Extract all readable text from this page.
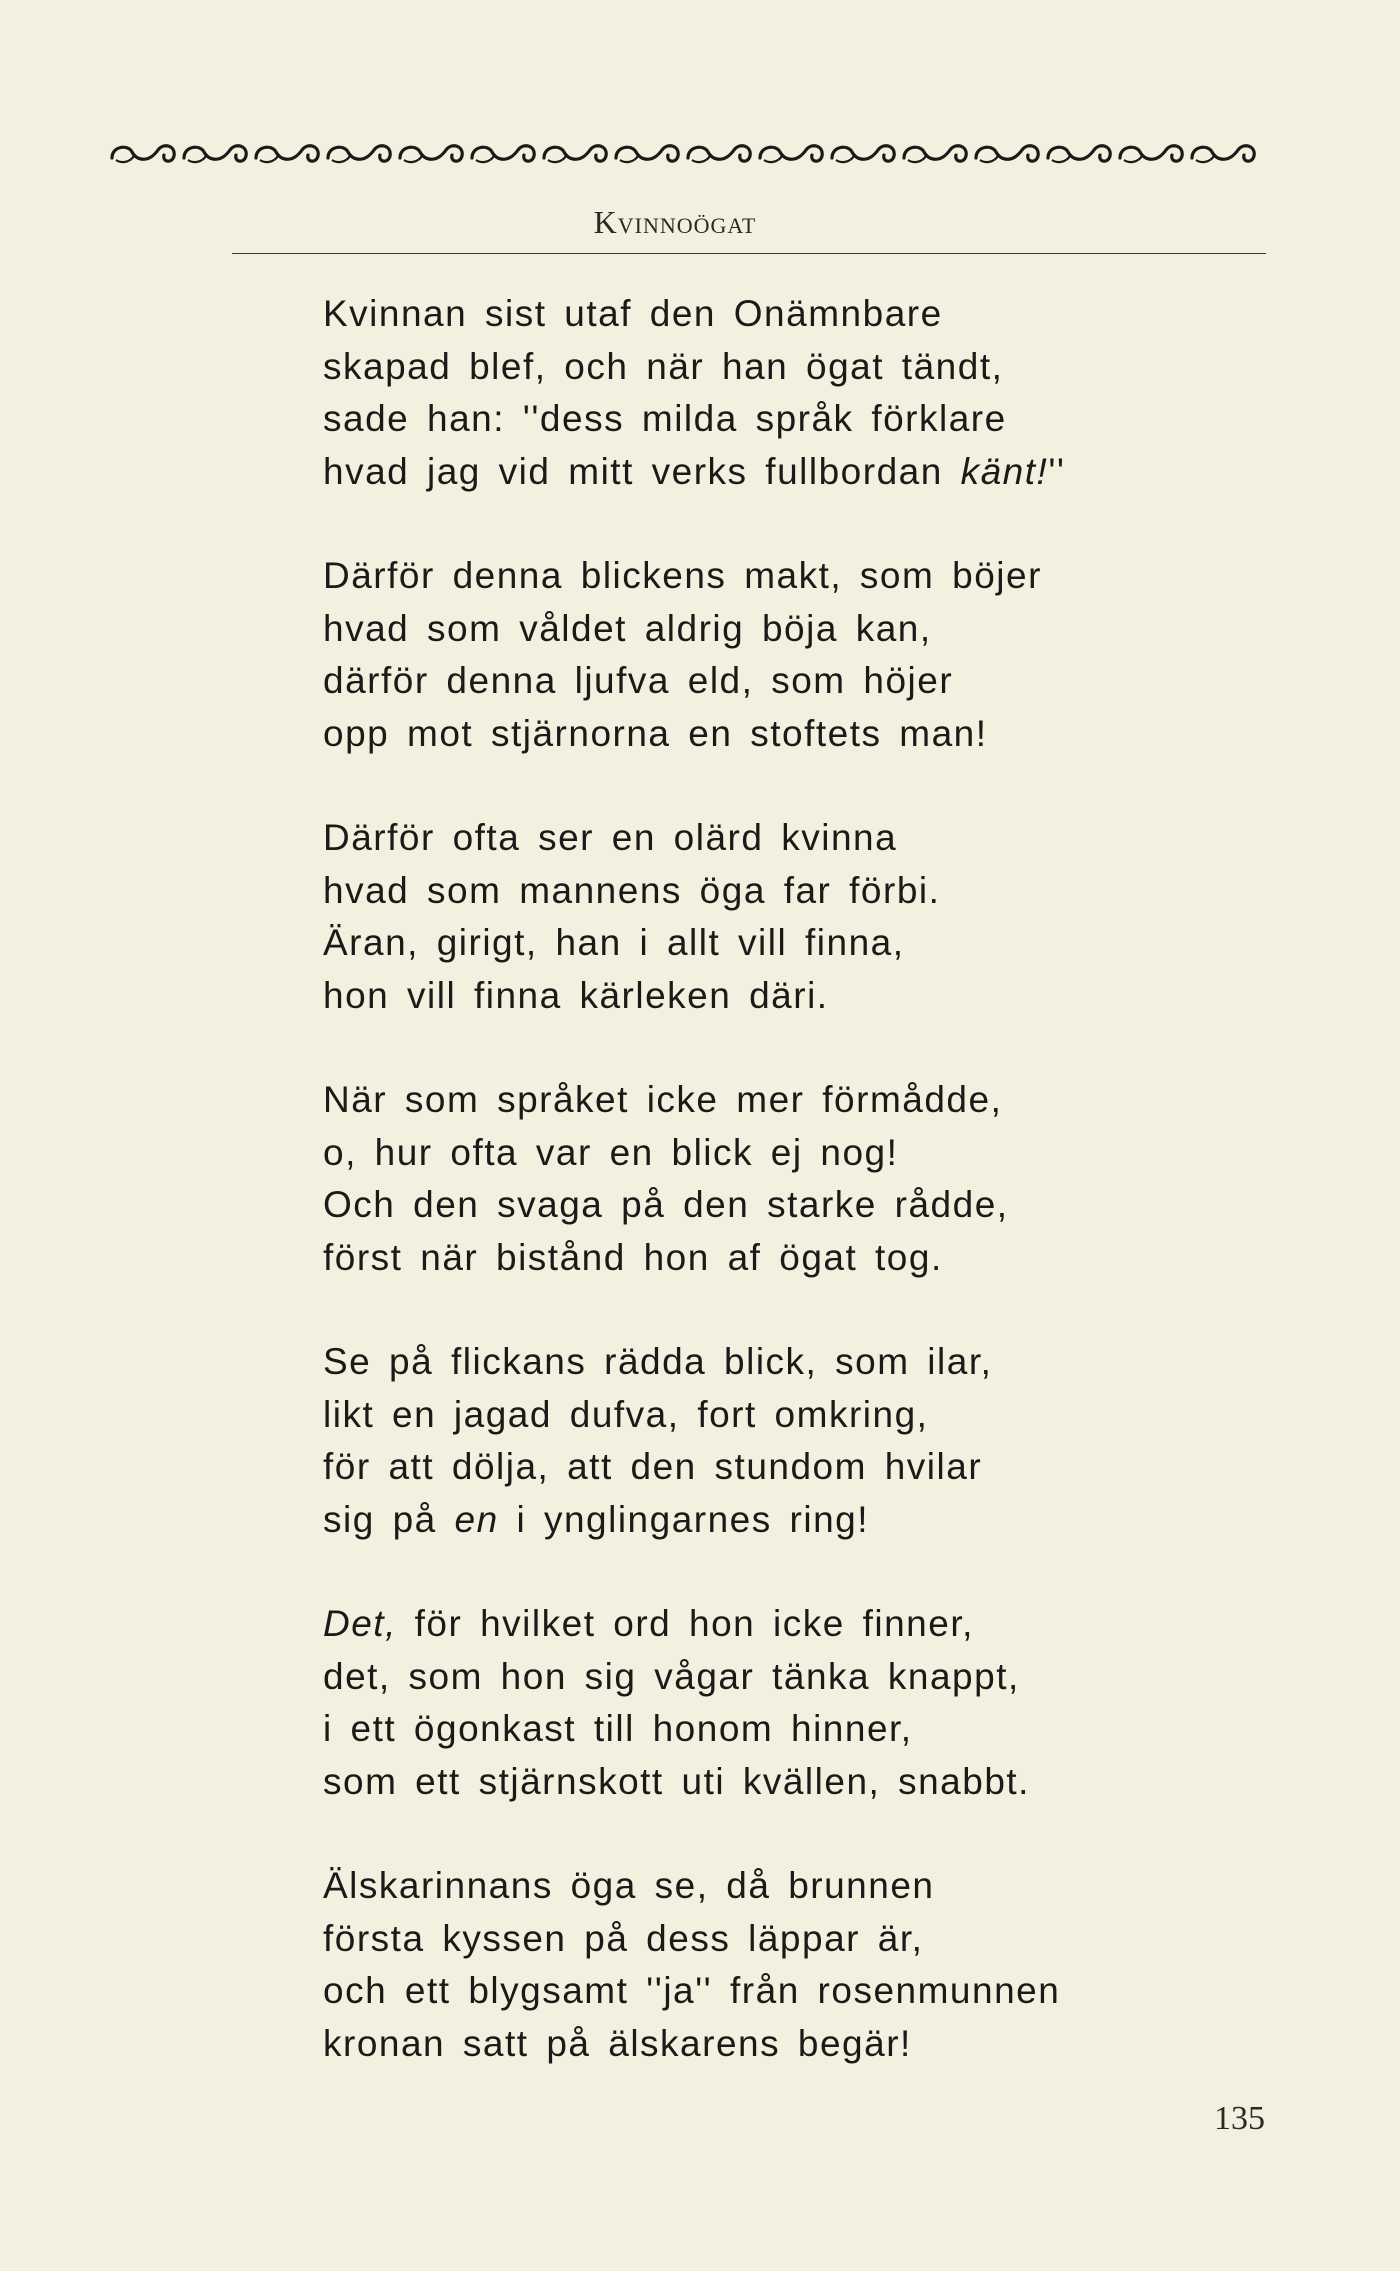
Kvinnoögat
Kvinnan sist utaf den Onämnbare
skapad blef, och när han ögat tändt,
sade han: ''dess milda språk förklare
hvad jag vid mitt verks fullbordan känt!''
Därför denna blickens makt, som böjer
hvad som våldet aldrig böja kan,
därför denna ljufva eld, som höjer
opp mot stjärnorna en stoftets man!
Därför ofta ser en olärd kvinna
hvad som mannens öga far förbi.
Äran, girigt, han i allt vill finna,
hon vill finna kärleken däri.
När som språket icke mer förmådde,
o, hur ofta var en blick ej nog!
Och den svaga på den starke rådde,
först när bistånd hon af ögat tog.
Se på flickans rädda blick, som ilar,
likt en jagad dufva, fort omkring,
för att dölja, att den stundom hvilar
sig på en i ynglingarnes ring!
Det, för hvilket ord hon icke finner,
det, som hon sig vågar tänka knappt,
i ett ögonkast till honom hinner,
som ett stjärnskott uti kvällen, snabbt.
Älskarinnans öga se, då brunnen
första kyssen på dess läppar är,
och ett blygsamt ''ja'' från rosenmunnen
kronan satt på älskarens begär!
135
